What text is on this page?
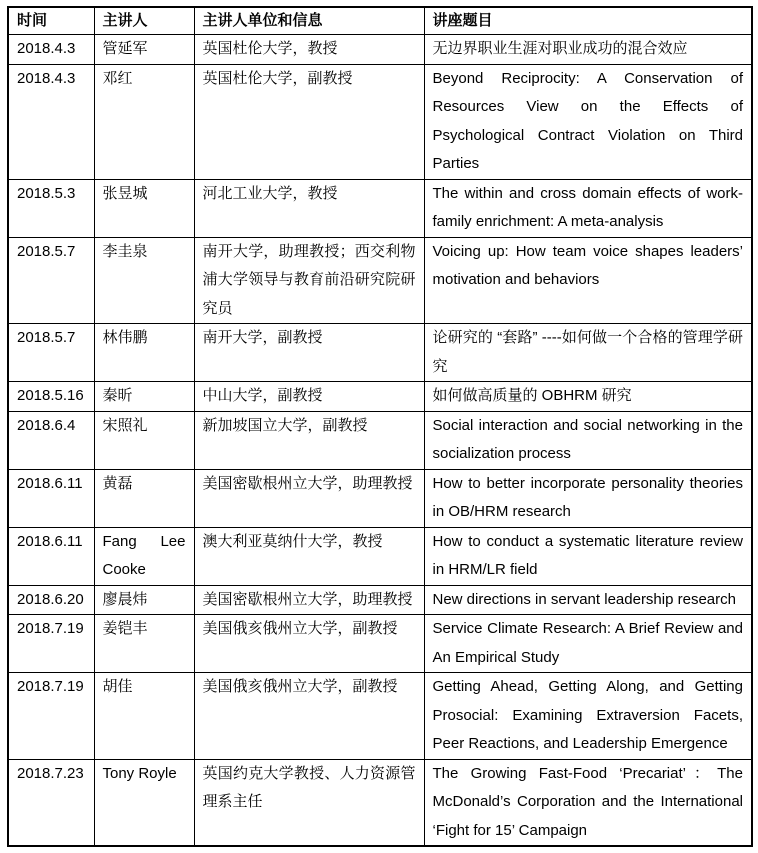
时间	主讲人	主讲人单位和信息	讲座题目
2018.4.3	管延军	英国杜伦大学，教授	无边界职业生涯对职业成功的混合效应
2018.4.3	邓红	英国杜伦大学，副教授	Beyond Reciprocity: A Conservation of Resources View on the Effects of Psychological Contract Violation on Third Parties
2018.5.3	张昱城	河北工业大学，教授	The within and cross domain effects of work-family enrichment: A meta-analysis
2018.5.7	李圭泉	南开大学，助理教授；西交利物浦大学领导与教育前沿研究院研究员	Voicing up: How team voice shapes leaders’ motivation and behaviors
2018.5.7	林伟鹏	南开大学，副教授	论研究的 “套路” ----如何做一个合格的管理学研究
2018.5.16	秦昕	中山大学，副教授	如何做高质量的 OBHRM 研究
2018.6.4	宋照礼	新加坡国立大学，副教授	Social interaction and social networking in the socialization process
2018.6.11	黄磊	美国密歇根州立大学，助理教授	How to better incorporate personality theories in OB/HRM research
2018.6.11	Fang Lee Cooke	澳大利亚莫纳什大学，教授	How to conduct a systematic literature review in HRM/LR field
2018.6.20	廖晨炜	美国密歇根州立大学，助理教授	New directions in servant leadership research
2018.7.19	姜铠丰	美国俄亥俄州立大学，副教授	Service Climate Research: A Brief Review and An Empirical Study
2018.7.19	胡佳	美国俄亥俄州立大学，副教授	Getting Ahead, Getting Along, and Getting Prosocial: Examining Extraversion Facets, Peer Reactions, and Leadership Emergence
2018.7.23	Tony Royle	英国约克大学教授、人力资源管理系主任	The Growing Fast-Food ‘Precariat’：The McDonald’s Corporation and the International ‘Fight for 15’ Campaign
